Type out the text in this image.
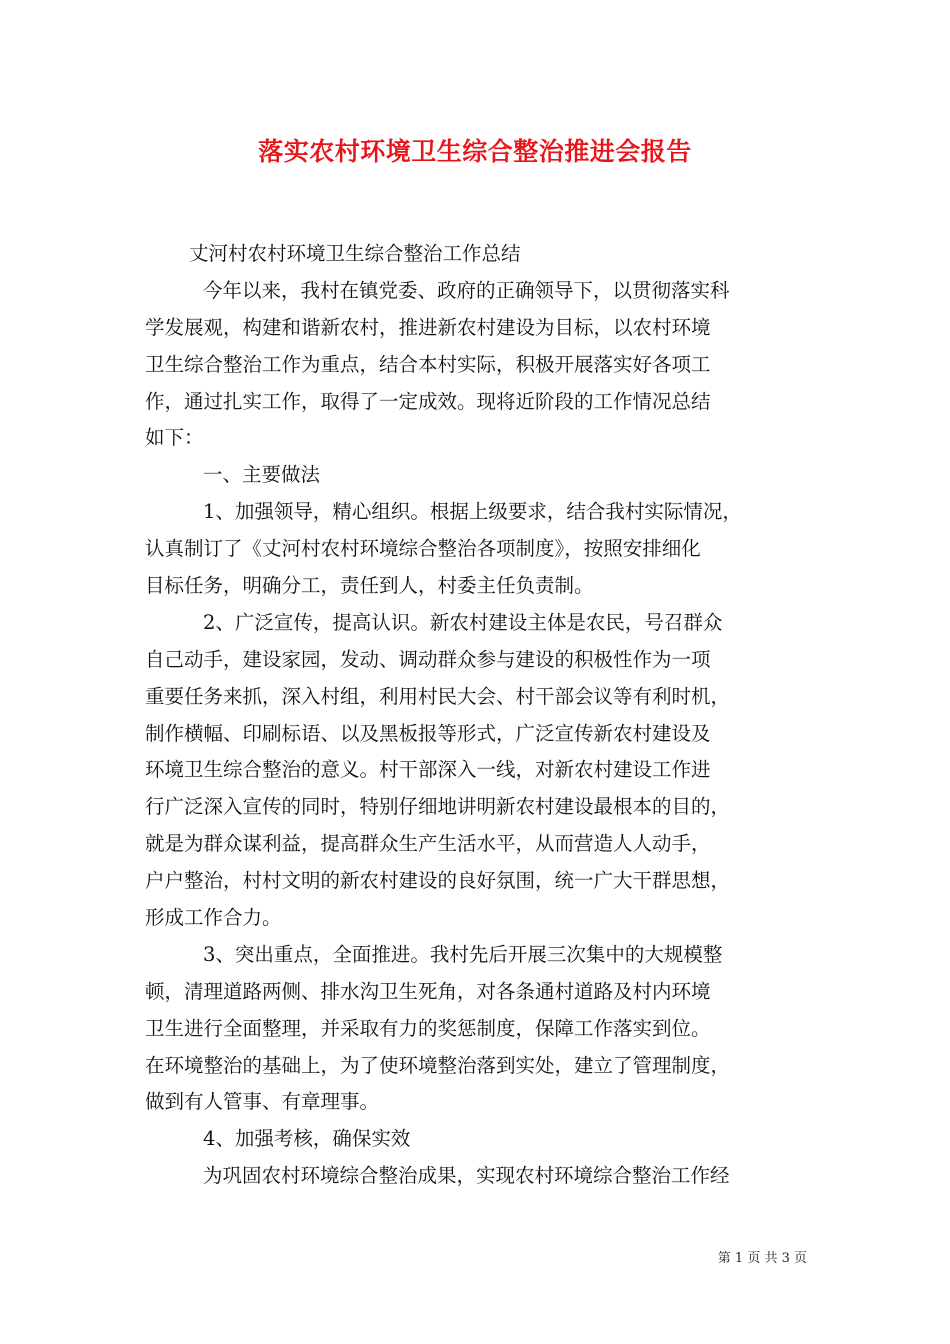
落实农村环境卫生综合整治推进会报告
丈河村农村环境卫生综合整治工作总结
今年以来，我村在镇党委、政府的正确领导下，以贯彻落实科
学发展观，构建和谐新农村，推进新农村建设为目标，以农村环境
卫生综合整治工作为重点，结合本村实际，积极开展落实好各项工
作，通过扎实工作，取得了一定成效。现将近阶段的工作情况总结
如下：
一、主要做法
1、加强领导，精心组织。根据上级要求，结合我村实际情况，
认真制订了《丈河村农村环境综合整治各项制度》，按照安排细化
目标任务，明确分工，责任到人，村委主任负责制。
2、广泛宣传，提高认识。新农村建设主体是农民，号召群众
自己动手，建设家园，发动、调动群众参与建设的积极性作为一项
重要任务来抓，深入村组，利用村民大会、村干部会议等有利时机，
制作横幅、印刷标语、以及黑板报等形式，广泛宣传新农村建设及
环境卫生综合整治的意义。村干部深入一线，对新农村建设工作进
行广泛深入宣传的同时，特别仔细地讲明新农村建设最根本的目的，
就是为群众谋利益，提高群众生产生活水平，从而营造人人动手，
户户整治，村村文明的新农村建设的良好氛围，统一广大干群思想，
形成工作合力。
3、突出重点，全面推进。我村先后开展三次集中的大规模整
顿，清理道路两侧、排水沟卫生死角，对各条通村道路及村内环境
卫生进行全面整理，并采取有力的奖惩制度，保障工作落实到位。
在环境整治的基础上，为了使环境整治落到实处，建立了管理制度，
做到有人管事、有章理事。
4、加强考核，确保实效
为巩固农村环境综合整治成果，实现农村环境综合整治工作经
第 1 页 共 3 页
